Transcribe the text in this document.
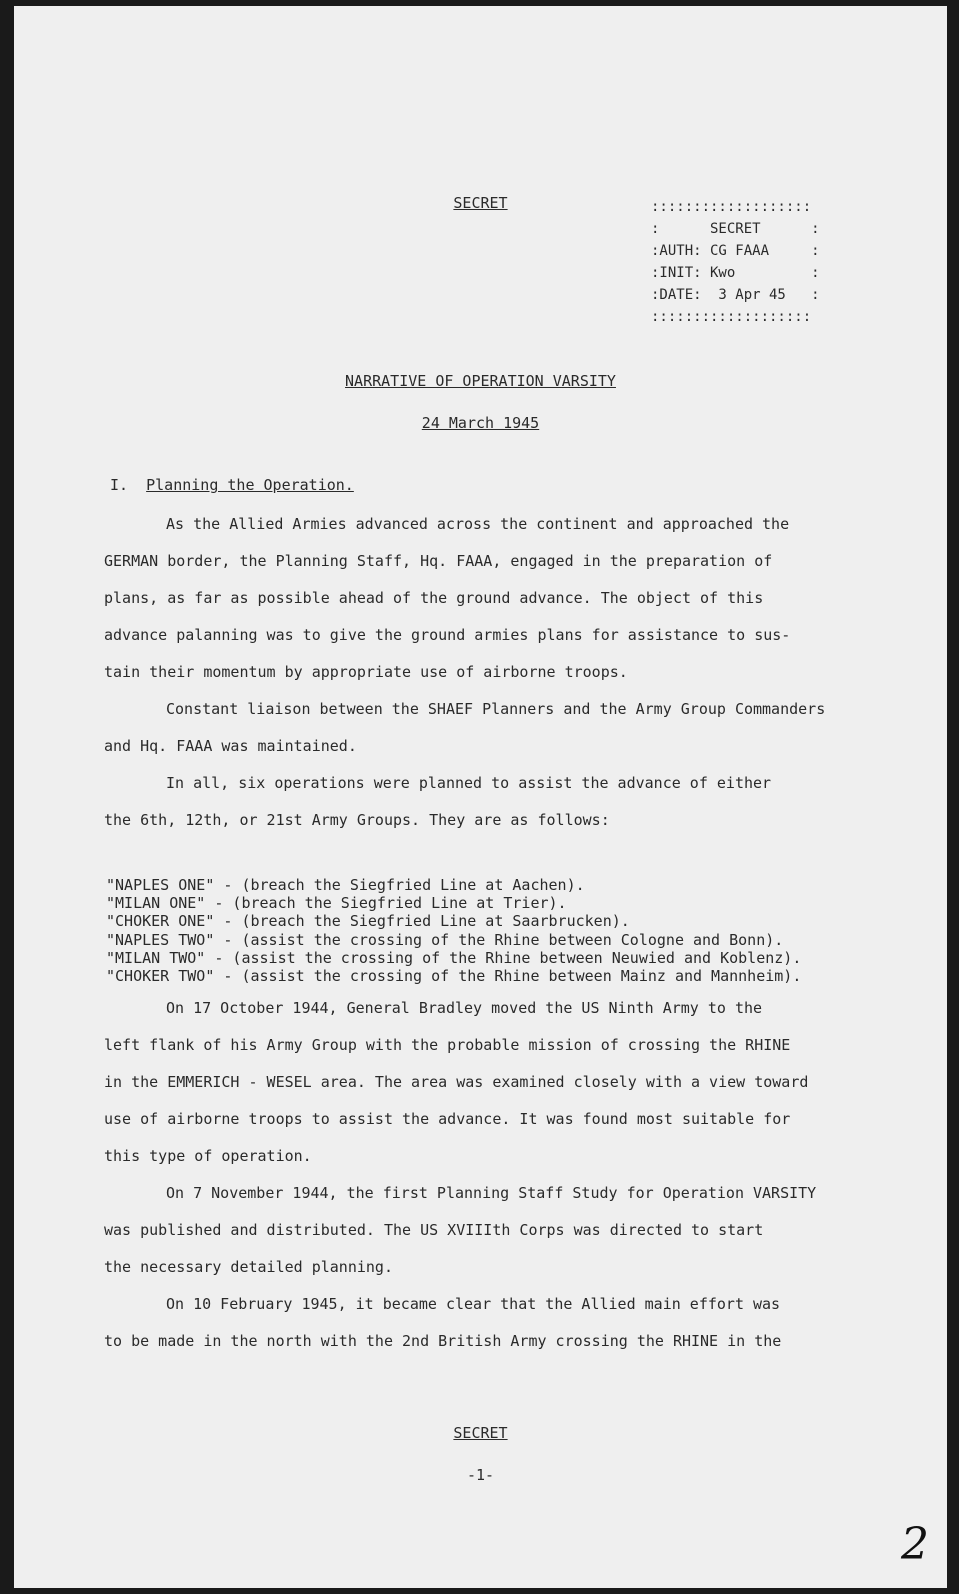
SECRET	:::::::::::::::::::
:      SECRET      :
:AUTH: CG FAAA     :
:INIT: Kwo         :
:DATE:  3 Apr 45   :
:::::::::::::::::::
NARRATIVE OF OPERATION VARSITY
24 March 1945
I. Planning the Operation.

As the Allied Armies advanced across the continent and approached the
GERMAN border, the Planning Staff, Hq. FAAA, engaged in the preparation of
plans, as far as possible ahead of the ground advance. The object of this
advance palanning was to give the ground armies plans for assistance to sus-
tain their momentum by appropriate use of airborne troops.

Constant liaison between the SHAEF Planners and the Army Group Commanders
and Hq. FAAA was maintained.

In all, six operations were planned to assist the advance of either
the 6th, 12th, or 21st Army Groups. They are as follows:

"NAPLES ONE" - (breach the Siegfried Line at Aachen).
"MILAN ONE" - (breach the Siegfried Line at Trier).
"CHOKER ONE" - (breach the Siegfried Line at Saarbrucken).
"NAPLES TWO" - (assist the crossing of the Rhine between Cologne and Bonn).
"MILAN TWO" - (assist the crossing of the Rhine between Neuwied and Koblenz).
"CHOKER TWO" - (assist the crossing of the Rhine between Mainz and Mannheim).

On 17 October 1944, General Bradley moved the US Ninth Army to the
left flank of his Army Group with the probable mission of crossing the RHINE
in the EMMERICH - WESEL area. The area was examined closely with a view toward
use of airborne troops to assist the advance. It was found most suitable for
this type of operation.

On 7 November 1944, the first Planning Staff Study for Operation VARSITY
was published and distributed. The US XVIIIth Corps was directed to start
the necessary detailed planning.

On 10 February 1945, it became clear that the Allied main effort was
to be made in the north with the 2nd British Army crossing the RHINE in the

SECRET
-1-
2
